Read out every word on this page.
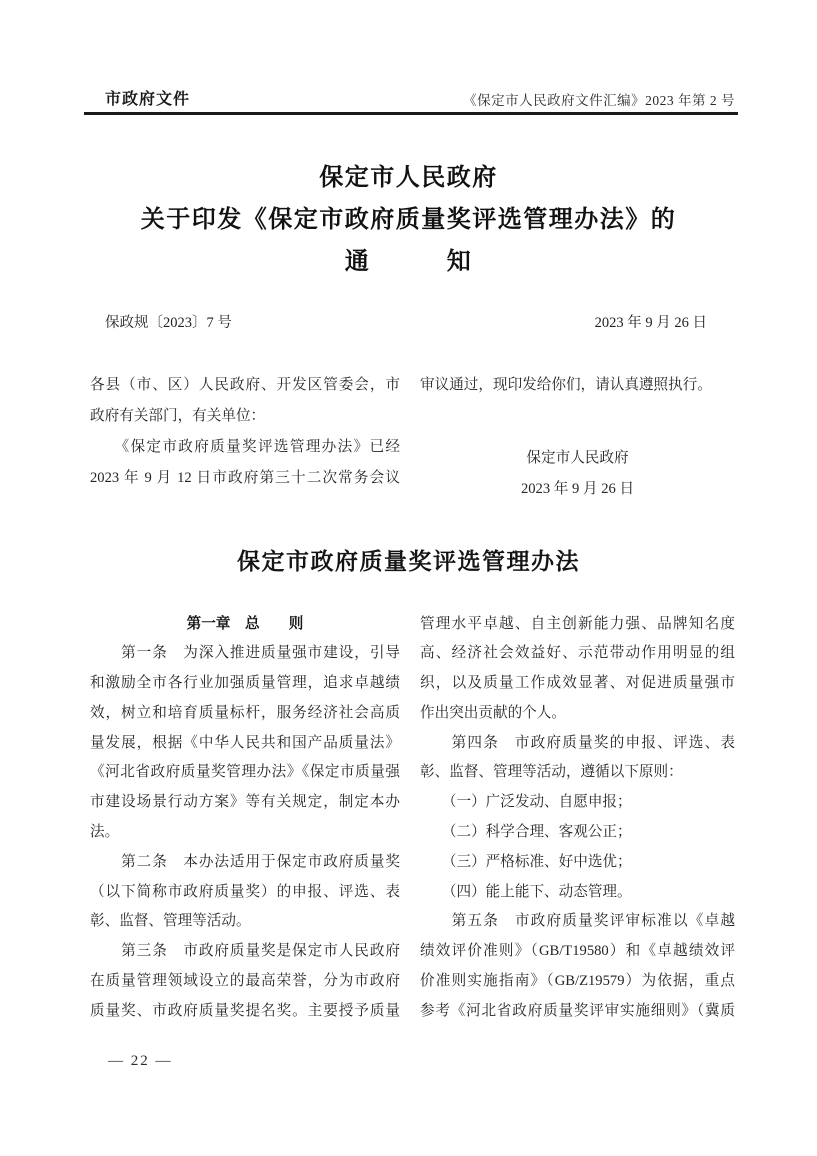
市政府文件	《保定市人民政府文件汇编》2023 年第 2 号
保定市人民政府
关于印发《保定市政府质量奖评选管理办法》的
通　　　知
保政规〔2023〕7 号	2023 年 9 月 26 日
各县（市、区）人民政府、开发区管委会，市
政府有关部门，有关单位：
　　《保定市政府质量奖评选管理办法》已经
2023 年 9 月 12 日市政府第三十二次常务会议
审议通过，现印发给你们，请认真遵照执行。
保定市人民政府
2023 年 9 月 26 日
保定市政府质量奖评选管理办法
第一章　总　　则
　　第一条　为深入推进质量强市建设，引导
和激励全市各行业加强质量管理，追求卓越绩
效，树立和培育质量标杆，服务经济社会高质
量发展，根据《中华人民共和国产品质量法》
《河北省政府质量奖管理办法》《保定市质量强
市建设场景行动方案》等有关规定，制定本办
法。
　　第二条　本办法适用于保定市政府质量奖
（以下简称市政府质量奖）的申报、评选、表
彰、监督、管理等活动。
　　第三条　市政府质量奖是保定市人民政府
在质量管理领域设立的最高荣誉，分为市政府
质量奖、市政府质量奖提名奖。主要授予质量
管理水平卓越、自主创新能力强、品牌知名度
高、经济社会效益好、示范带动作用明显的组
织，以及质量工作成效显著、对促进质量强市
作出突出贡献的个人。
　　第四条　市政府质量奖的申报、评选、表
彰、监督、管理等活动，遵循以下原则：
　　（一）广泛发动、自愿申报；
　　（二）科学合理、客观公正；
　　（三）严格标准、好中选优；
　　（四）能上能下、动态管理。
　　第五条　市政府质量奖评审标准以《卓越
绩效评价准则》（GB/T19580）和《卓越绩效评
价准则实施指南》（GB/Z19579）为依据，重点
参考《河北省政府质量奖评审实施细则》（冀质
— 22 —
